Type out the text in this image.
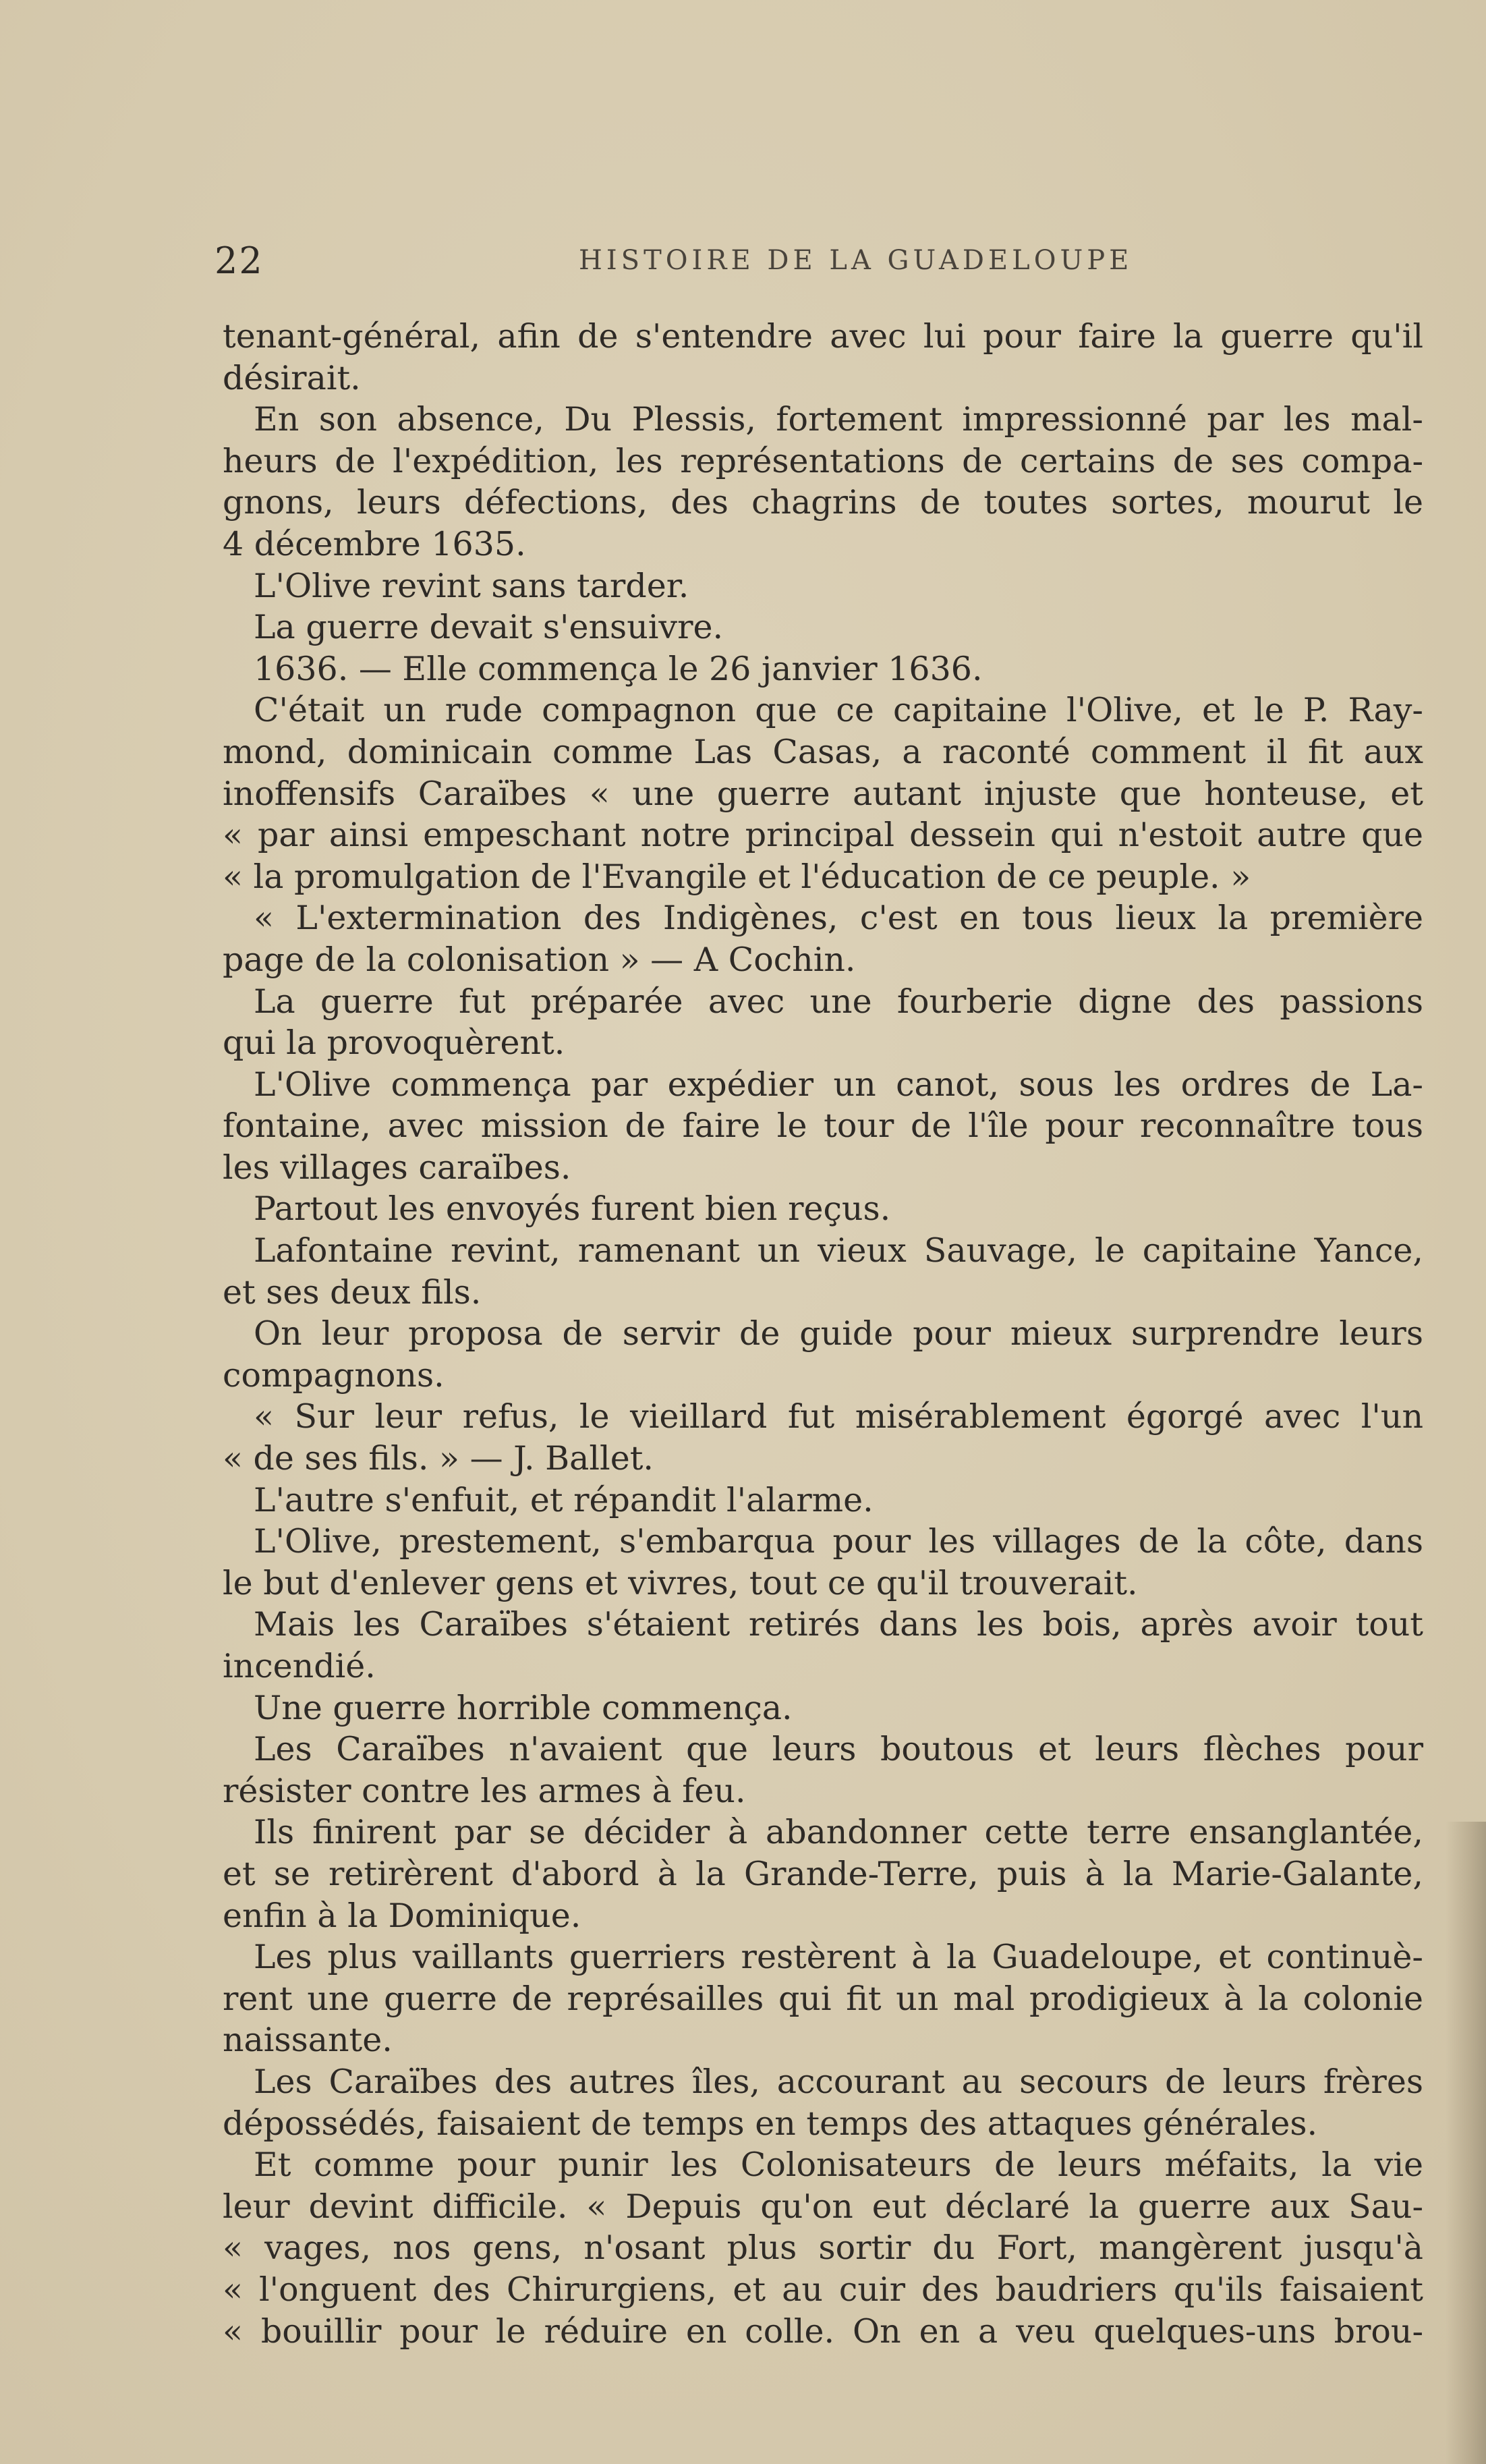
22	HISTOIRE DE LA GUADELOUPE
tenant-général, afin de s'entendre avec lui pour faire la guerre qu'il
désirait.
En son absence, Du Plessis, fortement impressionné par les mal-
heurs de l'expédition, les représentations de certains de ses compa-
gnons, leurs défections, des chagrins de toutes sortes, mourut le
4 décembre 1635.
L'Olive revint sans tarder.
La guerre devait s'ensuivre.
1636. — Elle commença le 26 janvier 1636.
C'était un rude compagnon que ce capitaine l'Olive, et le P. Ray-
mond, dominicain comme Las Casas, a raconté comment il fit aux
inoffensifs Caraïbes « une guerre autant injuste que honteuse, et
« par ainsi empeschant notre principal dessein qui n'estoit autre que
« la promulgation de l'Evangile et l'éducation de ce peuple. »
« L'extermination des Indigènes, c'est en tous lieux la première
page de la colonisation » — A Cochin.
La guerre fut préparée avec une fourberie digne des passions
qui la provoquèrent.
L'Olive commença par expédier un canot, sous les ordres de La-
fontaine, avec mission de faire le tour de l'île pour reconnaître tous
les villages caraïbes.
Partout les envoyés furent bien reçus.
Lafontaine revint, ramenant un vieux Sauvage, le capitaine Yance,
et ses deux fils.
On leur proposa de servir de guide pour mieux surprendre leurs
compagnons.
« Sur leur refus, le vieillard fut misérablement égorgé avec l'un
« de ses fils. » — J. Ballet.
L'autre s'enfuit, et répandit l'alarme.
L'Olive, prestement, s'embarqua pour les villages de la côte, dans
le but d'enlever gens et vivres, tout ce qu'il trouverait.
Mais les Caraïbes s'étaient retirés dans les bois, après avoir tout
incendié.
Une guerre horrible commença.
Les Caraïbes n'avaient que leurs boutous et leurs flèches pour
résister contre les armes à feu.
Ils finirent par se décider à abandonner cette terre ensanglantée,
et se retirèrent d'abord à la Grande-Terre, puis à la Marie-Galante,
enfin à la Dominique.
Les plus vaillants guerriers restèrent à la Guadeloupe, et continuè-
rent une guerre de représailles qui fit un mal prodigieux à la colonie
naissante.
Les Caraïbes des autres îles, accourant au secours de leurs frères
dépossédés, faisaient de temps en temps des attaques générales.
Et comme pour punir les Colonisateurs de leurs méfaits, la vie
leur devint difficile. « Depuis qu'on eut déclaré la guerre aux Sau-
« vages, nos gens, n'osant plus sortir du Fort, mangèrent jusqu'à
« l'onguent des Chirurgiens, et au cuir des baudriers qu'ils faisaient
« bouillir pour le réduire en colle. On en a veu quelques-uns brou-
